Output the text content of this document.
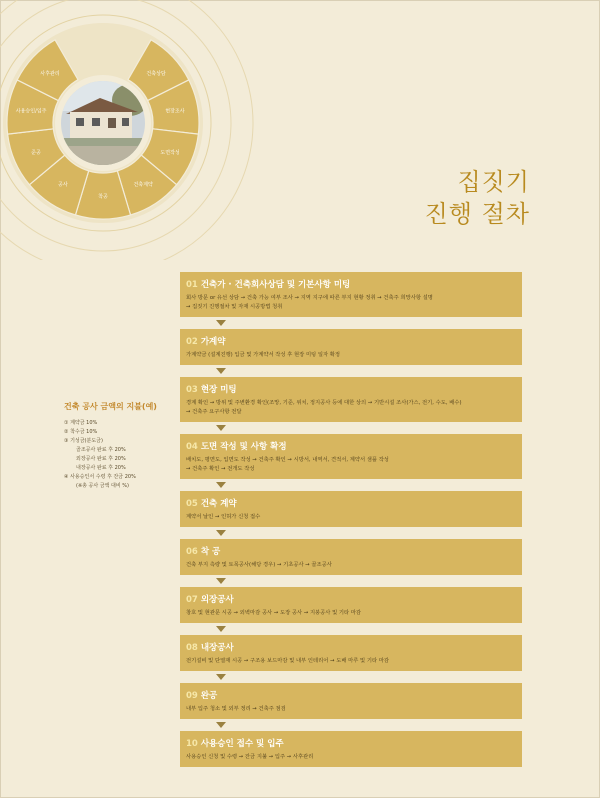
건축상담
현장조사
도면작성
건축계약
착공
공사
준공
사용승인/입주
사후관리
집짓기
진행 절차
01 건축가 · 건축회사상담 및 기본사항 미팅
회사 방문 or 유선 상담 → 건축 가능 여부 조사 → 지역 지구에 따른 부지 현황 정취 → 건축주 희망사항 설명
→ 집짓기 진행절차 및 자재 시공방법 청취
02 가계약
가계약금 (설계진행) 입금 및 가계약서 작성 후 현장 미팅 일자 확정
03 현장 미팅
경계 확인 → 방위 및 주변환경 확인(조망, 기준, 위치, 정지공사 등에 대한 상의 → 기반시설 조사(가스, 전기, 수도, 배수)
→ 건축주 요구사항 전달
04 도면 작성 및 사항 확정
배치도, 평면도, 입면도 작성 → 건축주 확인 → 시방서, 내역서, 견적서, 계약서 샘플 작성
→ 건축주 확인 → 전개도 작성
05 건축 계약
계약서 날인 → 인허가 신청 접수
06 착 공
건축 부지 측량 및 토목공사(해당 경우) → 기초공사 → 골조공사
07 외장공사
창호 및 현관문 시공 → 외벽마감 공사 → 도장 공사 → 지붕공사 및 기타 마감
08 내장공사
전기설비 및 단열재 시공 → 구조용 보드마감 및 내부 인테리어 → 도배 마루 및 기타 마감
09 완공
내부 입주 청소 및 외부 정리 → 건축주 점검
10 사용승인 접수 및 입주
사용승인 신청 및 수령 → 잔금 지불 → 입주 → 사후관리
건축 공사 금액의 지불(예)
① 계약금 10%
② 착수금 10%
③ 기성금(분도금)
골조공사 완료 후 20%
외장공사 완료 후 20%
내장공사 완료 후 20%
④ 사용승인서 수령 후 잔금 20%
(※총 공사 금액 대비 %)
